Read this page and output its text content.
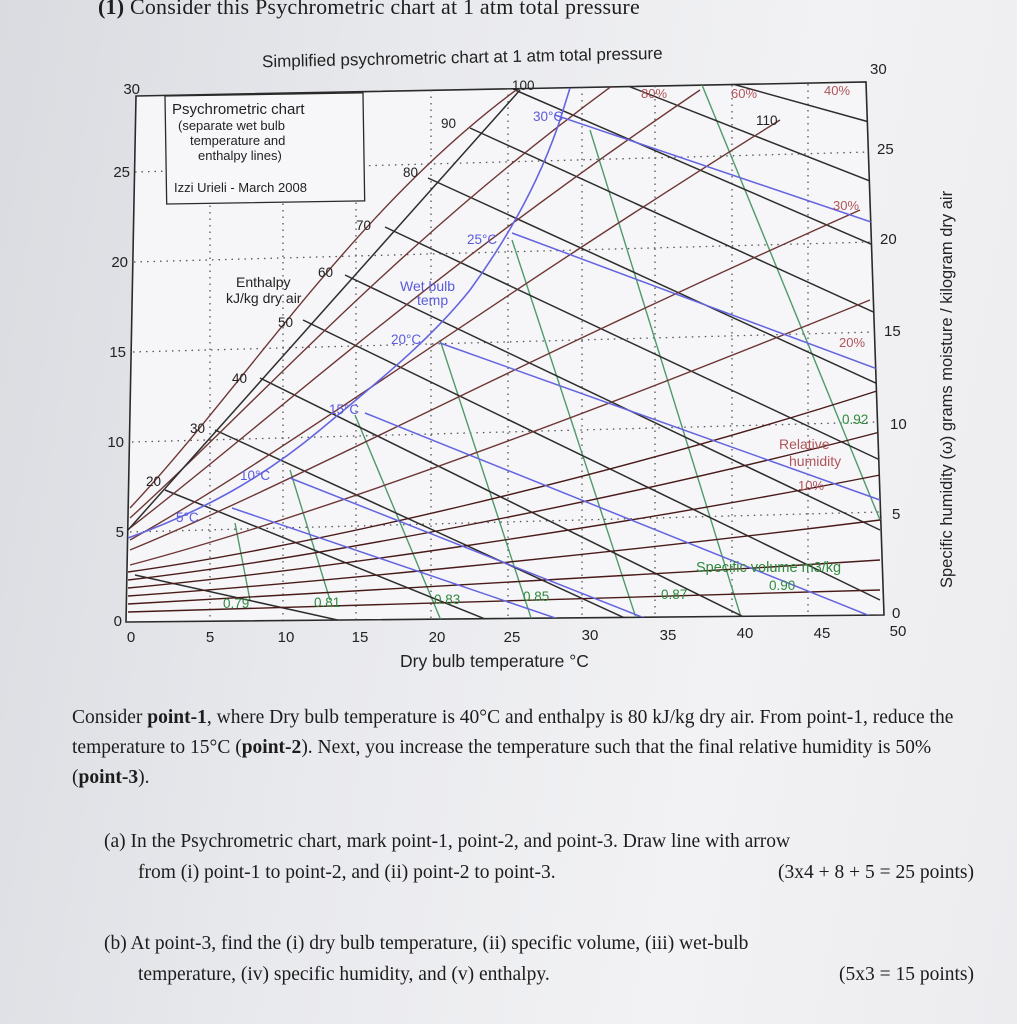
(1) Consider this Psychrometric chart at 1 atm total pressure
Simplified psychrometric chart at 1 atm total pressure
0
5
10
15
20
25
30
0
5
10
15
20
25
30
0	5	10	15	20	25	30	35	40	45	50
Dry bulb temperature °C
Specific humidity (ω) grams moisture / kilogram dry air
Psychrometric chart
(separate wet bulb
temperature and
enthalpy lines)
Izzi Urieli - March 2008
20
30
40
50
60
70
80
90
100
110
Enthalpy
kJ/kg dry air
5°C
10°C
15°C
20°C
25°C
30°C
Wet bulb
temp
10%
20%
30%
40%
60%
80%
Relative
humidity
0.79	0.81	0.83	0.85	0.87
0.90
0.92
Specific volume m3/kg
Consider point-1, where Dry bulb temperature is 40°C and enthalpy is 80 kJ/kg dry air. From point-1, reduce the temperature to 15°C (point-2). Next, you increase the temperature such that the final relative humidity is 50% (point-3).
(a) In the Psychrometric chart, mark point-1, point-2, and point-3. Draw line with arrow
from (i) point-1 to point-2, and (ii) point-2 to point-3.	(3x4 + 8 + 5 = 25 points)
(b) At point-3, find the (i) dry bulb temperature, (ii) specific volume, (iii) wet-bulb
temperature, (iv) specific humidity, and (v) enthalpy.	(5x3 = 15 points)
